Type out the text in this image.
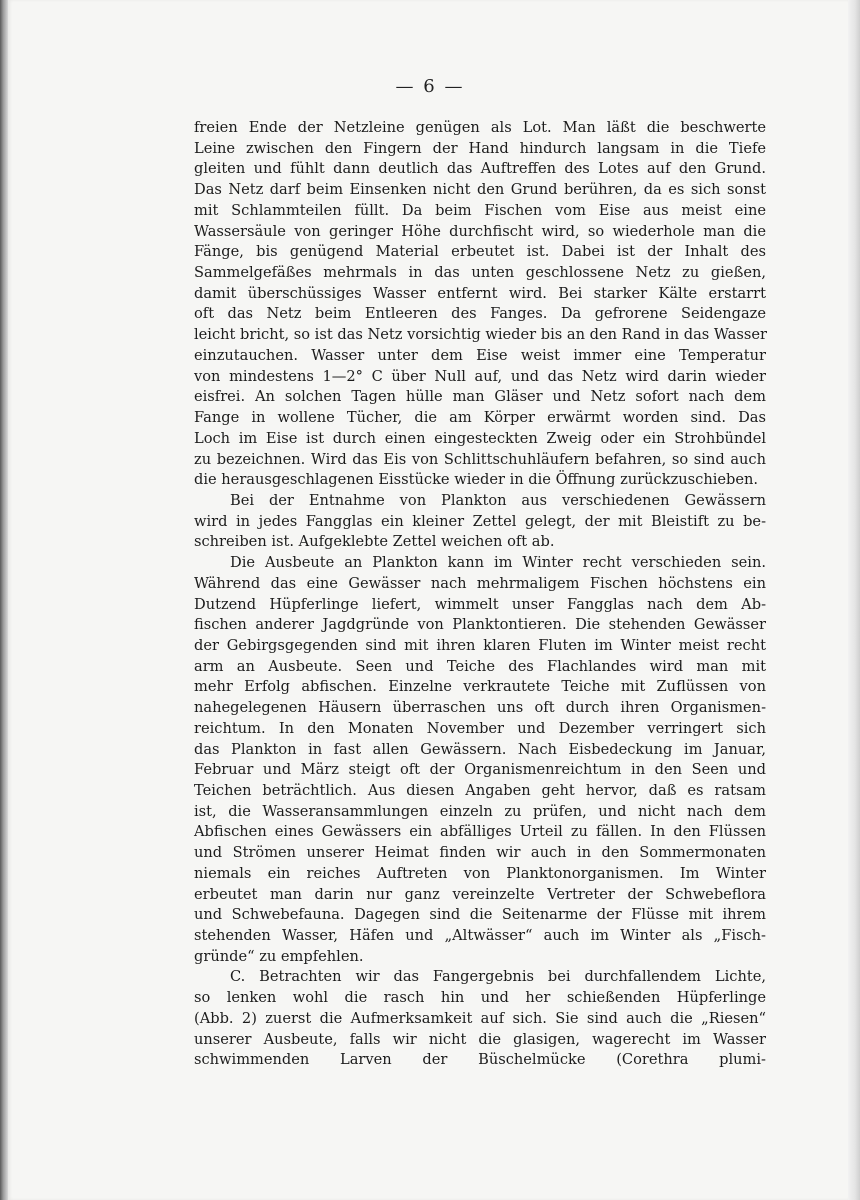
— 6 —
freien Ende der Netzleine genügen als Lot. Man läßt die beschwerte
Leine zwischen den Fingern der Hand hindurch langsam in die Tiefe
gleiten und fühlt dann deutlich das Auftreffen des Lotes auf den Grund.
Das Netz darf beim Einsenken nicht den Grund berühren, da es sich sonst
mit Schlammteilen füllt. Da beim Fischen vom Eise aus meist eine
Wassersäule von geringer Höhe durchfischt wird, so wiederhole man die
Fänge, bis genügend Material erbeutet ist. Dabei ist der Inhalt des
Sammelgefäßes mehrmals in das unten geschlossene Netz zu gießen,
damit überschüssiges Wasser entfernt wird. Bei starker Kälte erstarrt
oft das Netz beim Entleeren des Fanges. Da gefrorene Seidengaze
leicht bricht, so ist das Netz vorsichtig wieder bis an den Rand in das Wasser
einzutauchen. Wasser unter dem Eise weist immer eine Temperatur
von mindestens 1—2° C über Null auf, und das Netz wird darin wieder
eisfrei. An solchen Tagen hülle man Gläser und Netz sofort nach dem
Fange in wollene Tücher, die am Körper erwärmt worden sind. Das
Loch im Eise ist durch einen eingesteckten Zweig oder ein Strohbündel
zu bezeichnen. Wird das Eis von Schlittschuhläufern befahren, so sind auch
die herausgeschlagenen Eisstücke wieder in die Öffnung zurückzuschieben.
Bei der Entnahme von Plankton aus verschiedenen Gewässern
wird in jedes Fangglas ein kleiner Zettel gelegt, der mit Bleistift zu be-
schreiben ist. Aufgeklebte Zettel weichen oft ab.
Die Ausbeute an Plankton kann im Winter recht verschieden sein.
Während das eine Gewässer nach mehrmaligem Fischen höchstens ein
Dutzend Hüpferlinge liefert, wimmelt unser Fangglas nach dem Ab-
fischen anderer Jagdgründe von Planktontieren. Die stehenden Gewässer
der Gebirgsgegenden sind mit ihren klaren Fluten im Winter meist recht
arm an Ausbeute. Seen und Teiche des Flachlandes wird man mit
mehr Erfolg abfischen. Einzelne verkrautete Teiche mit Zuflüssen von
nahegelegenen Häusern überraschen uns oft durch ihren Organismen-
reichtum. In den Monaten November und Dezember verringert sich
das Plankton in fast allen Gewässern. Nach Eisbedeckung im Januar,
Februar und März steigt oft der Organismenreichtum in den Seen und
Teichen beträchtlich. Aus diesen Angaben geht hervor, daß es ratsam
ist, die Wasseransammlungen einzeln zu prüfen, und nicht nach dem
Abfischen eines Gewässers ein abfälliges Urteil zu fällen. In den Flüssen
und Strömen unserer Heimat finden wir auch in den Sommermonaten
niemals ein reiches Auftreten von Planktonorganismen. Im Winter
erbeutet man darin nur ganz vereinzelte Vertreter der Schwebeflora
und Schwebefauna. Dagegen sind die Seitenarme der Flüsse mit ihrem
stehenden Wasser, Häfen und „Altwässer“ auch im Winter als „Fisch-
gründe“ zu empfehlen.
C. Betrachten wir das Fangergebnis bei durchfallendem Lichte,
so lenken wohl die rasch hin und her schießenden Hüpferlinge
(Abb. 2) zuerst die Aufmerksamkeit auf sich. Sie sind auch die „Riesen“
unserer Ausbeute, falls wir nicht die glasigen, wagerecht im Wasser
schwimmenden Larven der Büschelmücke (Corethra plumi-
